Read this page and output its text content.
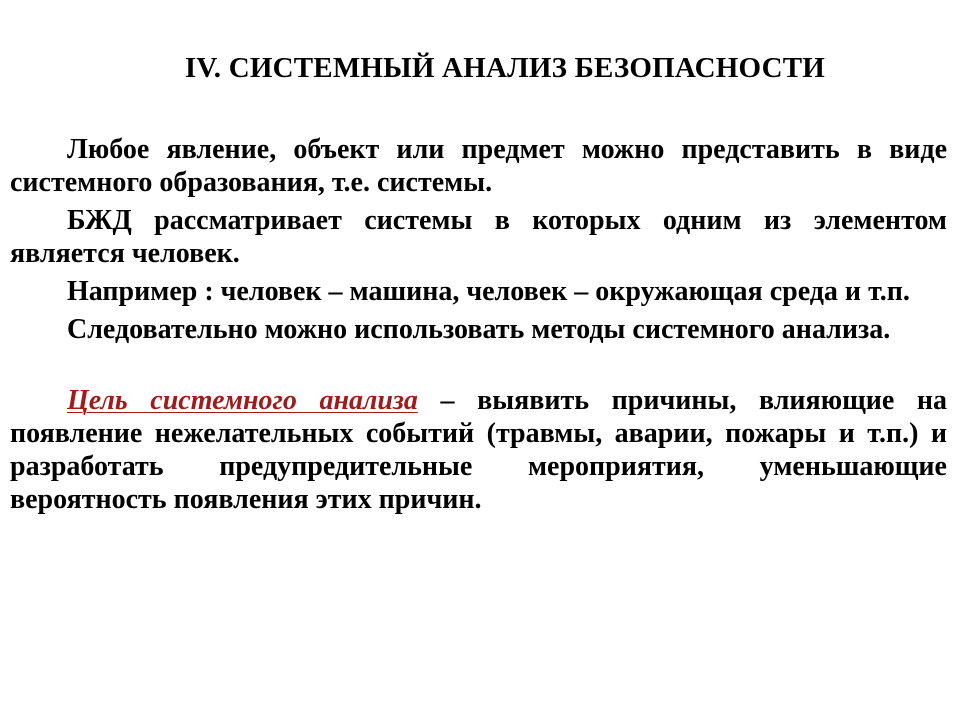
IV. СИСТЕМНЫЙ АНАЛИЗ БЕЗОПАСНОСТИ

Любое явление, объект или предмет можно представить в виде системного образования, т.е. системы.

БЖД рассматривает системы в которых одним из элементом является человек.

Например : человек – машина, человек – окружающая среда и т.п.

Следовательно можно использовать методы системного анализа.

Цель системного анализа – выявить причины, влияющие на появление нежелательных событий (травмы, аварии, пожары и т.п.) и разработать предупредительные мероприятия, уменьшающие вероятность появления этих причин.
